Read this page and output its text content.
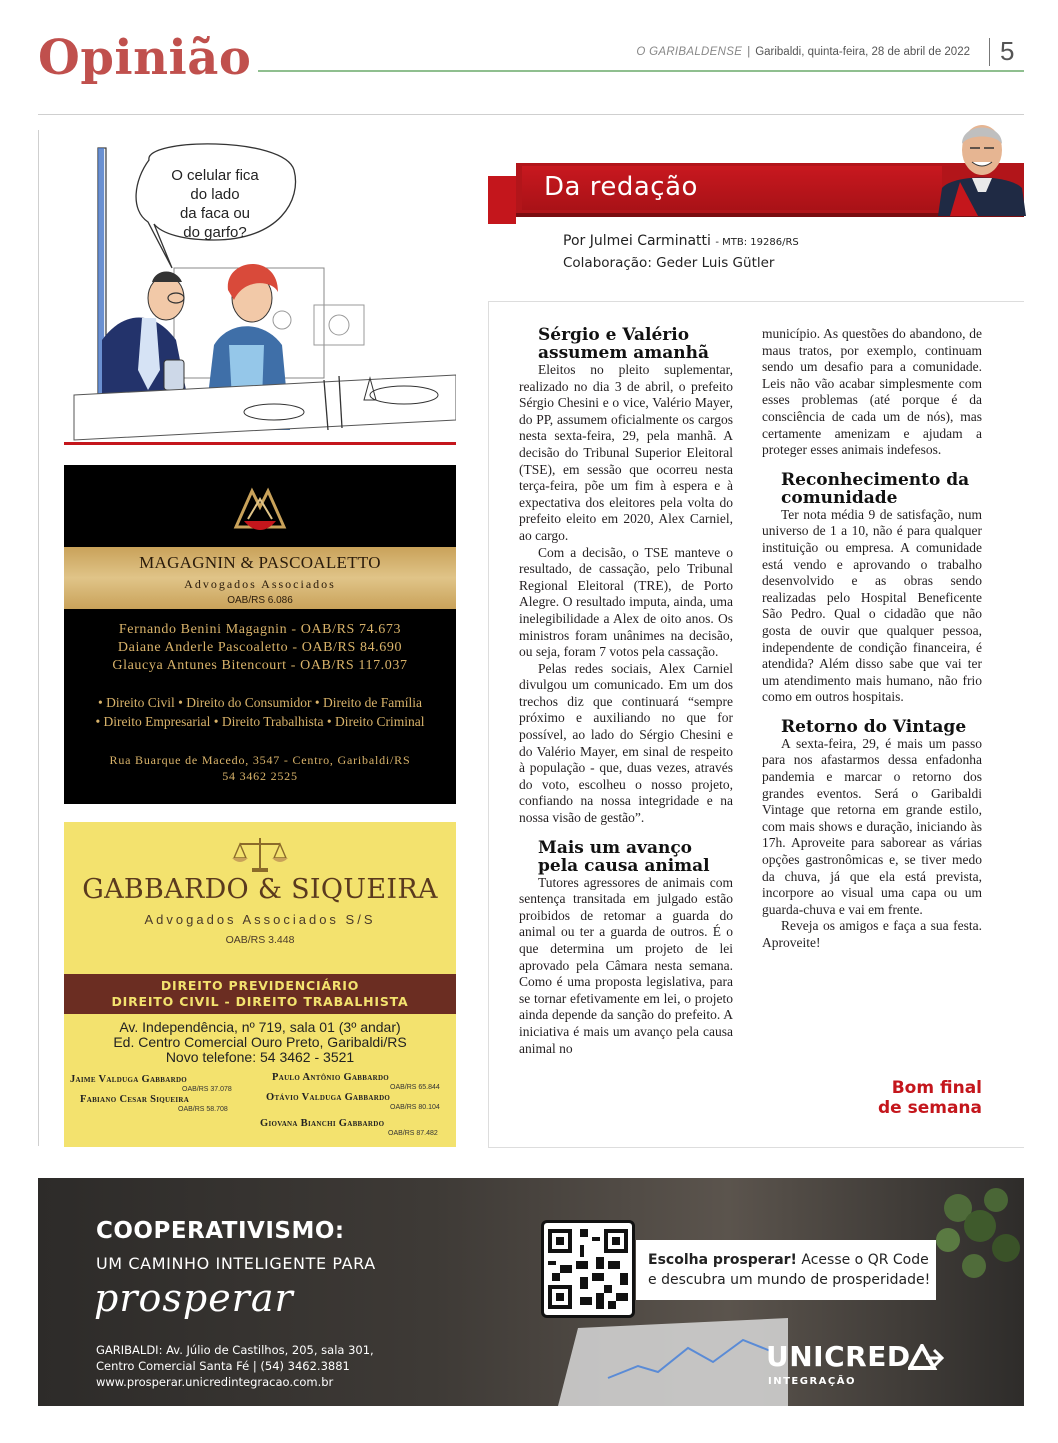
Opinião	O GARIBALDENSE | Garibaldi, quinta-feira, 28 de abril de 2022 5
O celular fica
do lado
da faca ou
do garfo?
MAGAGNIN & PASCOALETTO
Advogados Associados
OAB/RS 6.086
Fernando Benini Magagnin - OAB/RS 74.673
Daiane Anderle Pascoaletto - OAB/RS 84.690
Glaucya Antunes Bitencourt - OAB/RS 117.037
• Direito Civil • Direito do Consumidor • Direito de Família
• Direito Empresarial • Direito Trabalhista • Direito Criminal
Rua Buarque de Macedo, 3547 - Centro, Garibaldi/RS
54 3462 2525
GABBARDO & SIQUEIRA
Advogados Associados S/S
OAB/RS 3.448
DIREITO PREVIDENCIÁRIO
DIREITO CIVIL - DIREITO TRABALHISTA
Av. Independência, nº 719, sala 01 (3º andar)
Ed. Centro Comercial Ouro Preto, Garibaldi/RS
Novo telefone: 54 3462 - 3521
Jaime Valduga Gabbardo
OAB/RS 37.078
Paulo Antônio Gabbardo
OAB/RS 65.844
Fabiano Cesar Siqueira
OAB/RS 58.708
Otávio Valduga Gabbardo
OAB/RS 80.104
Giovana Bianchi Gabbardo
OAB/RS 87.482
Da redação
Por Julmei Carminatti - MTB: 19286/RS
Colaboração: Geder Luis Gütler
Sérgio e Valério assumem amanhã

Eleitos no pleito suplementar, realizado no dia 3 de abril, o prefeito Sérgio Chesini e o vice, Valério Mayer, do PP, assumem oficialmente os cargos nesta sexta-feira, 29, pela manhã. A decisão do Tribunal Superior Eleitoral (TSE), em sessão que ocorreu nesta terça-feira, põe um fim à espera e à expectativa dos eleitores pela volta do prefeito eleito em 2020, Alex Carniel, ao cargo.

Com a decisão, o TSE manteve o resultado, de cassação, pelo Tribunal Regional Eleitoral (TRE), de Porto Alegre. O resultado imputa, ainda, uma inelegibilidade a Alex de oito anos. Os ministros foram unânimes na decisão, ou seja, foram 7 votos pela cassação.

Pelas redes sociais, Alex Carniel divulgou um comunicado. Em um dos trechos diz que continuará “sempre próximo e auxiliando no que for possível, ao lado do Sérgio Chesini e do Valério Mayer, em sinal de respeito à população - que, duas vezes, através do voto, escolheu o nosso projeto, confiando na nossa integridade e na nossa visão de gestão”.

Mais um avanço pela causa animal

Tutores agressores de animais com sentença transitada em julgado estão proibidos de retomar a guarda do animal ou ter a guarda de outros. É o que determina um projeto de lei aprovado pela Câmara nesta semana. Como é uma proposta legislativa, para se tornar efetivamente em lei, o projeto ainda depende da sanção do prefeito. A iniciativa é mais um avanço pela causa animal no

município. As questões do abandono, de maus tratos, por exemplo, continuam sendo um desafio para a comunidade. Leis não vão acabar simplesmente com esses problemas (até porque é da consciência de cada um de nós), mas certamente amenizam e ajudam a proteger esses animais indefesos.

Reconhecimento da comunidade

Ter nota média 9 de satisfação, num universo de 1 a 10, não é para qualquer instituição ou empresa. A comunidade está vendo e aprovando o trabalho desenvolvido e as obras sendo realizadas pelo Hospital Beneficente São Pedro. Qual o cidadão que não gosta de ouvir que qualquer pessoa, independente de condição financeira, é atendida? Além disso sabe que vai ter um atendimento mais humano, não frio como em outros hospitais.

Retorno do Vintage

A sexta-feira, 29, é mais um passo para nos afastarmos dessa enfadonha pandemia e marcar o retorno dos grandes eventos. Será o Garibaldi Vintage que retorna em grande estilo, com mais shows e duração, iniciando às 17h. Aproveite para saborear as várias opções gastronômicas e, se tiver medo da chuva, já que ela está prevista, incorpore ao visual uma capa ou um guarda-chuva e vai em frente.

Reveja os amigos e faça a sua festa. Aproveite!

Bom final
de semana
COOPERATIVISMO:
UM CAMINHO INTELIGENTE PARA
prosperar
GARIBALDI: Av. Júlio de Castilhos, 205, sala 301,
Centro Comercial Santa Fé | (54) 3462.3881
www.prosperar.unicredintegracao.com.br
Escolha prosperar! Acesse o QR Code e descubra um mundo de prosperidade!
UNICRED
INTEGRAÇÃO
